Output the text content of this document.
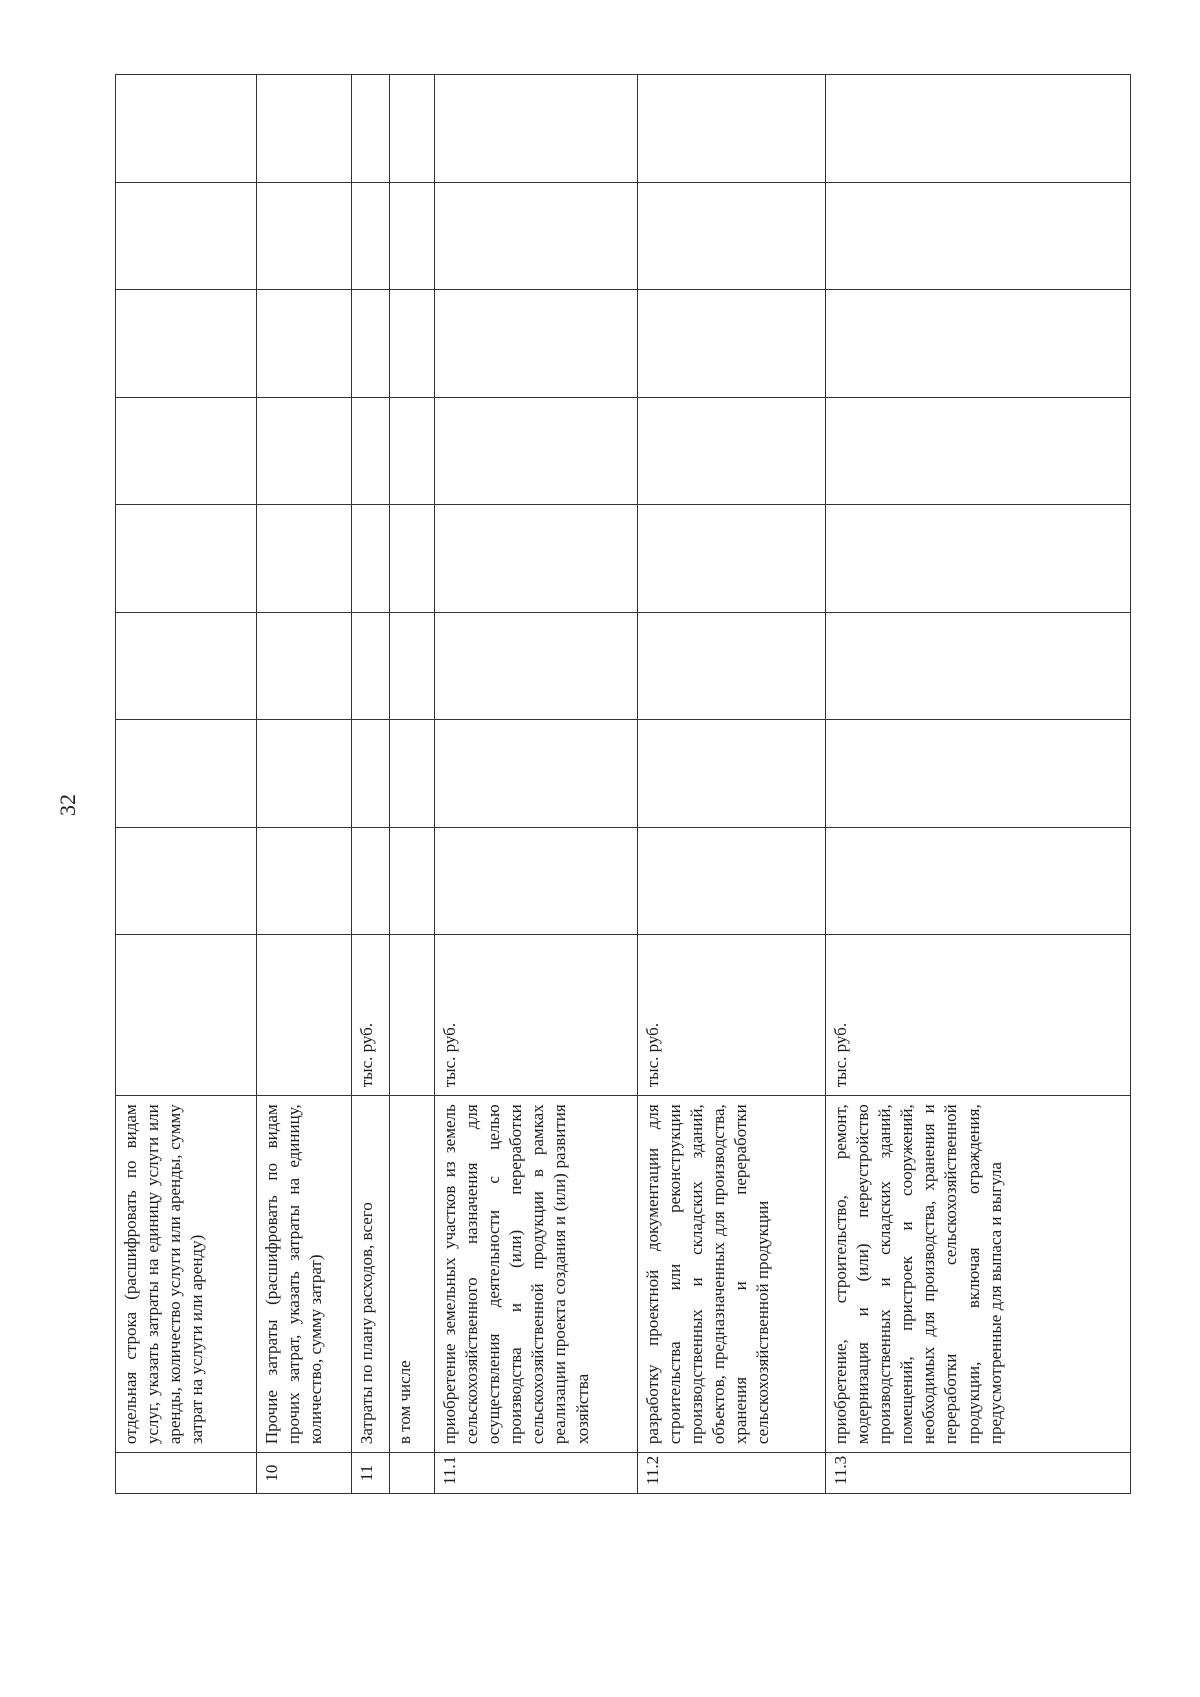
32
	отдельная строка (расшифровать по видам услуг, указать затраты на единицу услуги или аренды, количество услуги или аренды, сумму затрат на услуги или аренду)									
10	Прочие затраты (расшифровать по видам прочих затрат, указать затраты на единицу, количество, сумму затрат)									
11	Затраты по плану расходов, всего	тыс. руб.								
	в том числе									
11.1	приобретение земельных участков из земель сельскохозяйственного назначения для осуществления деятельности с целью производства и (или) переработки сельскохозяйственной продукции в рамках реализации проекта создания и (или) развития хозяйства	тыс. руб.								
11.2	разработку проектной документации для строительства или реконструкции производственных и складских зданий, объектов, предназначенных для производства, хранения и переработки сельскохозяйственной продукции	тыс. руб.								
11.3	приобретение, строительство, ремонт, модернизация и (или) переустройство производственных и складских зданий, помещений, пристроек и сооружений, необходимых для производства, хранения и переработки сельскохозяйственной продукции, включая ограждения, предусмотренные для выпаса и выгула	тыс. руб.								
